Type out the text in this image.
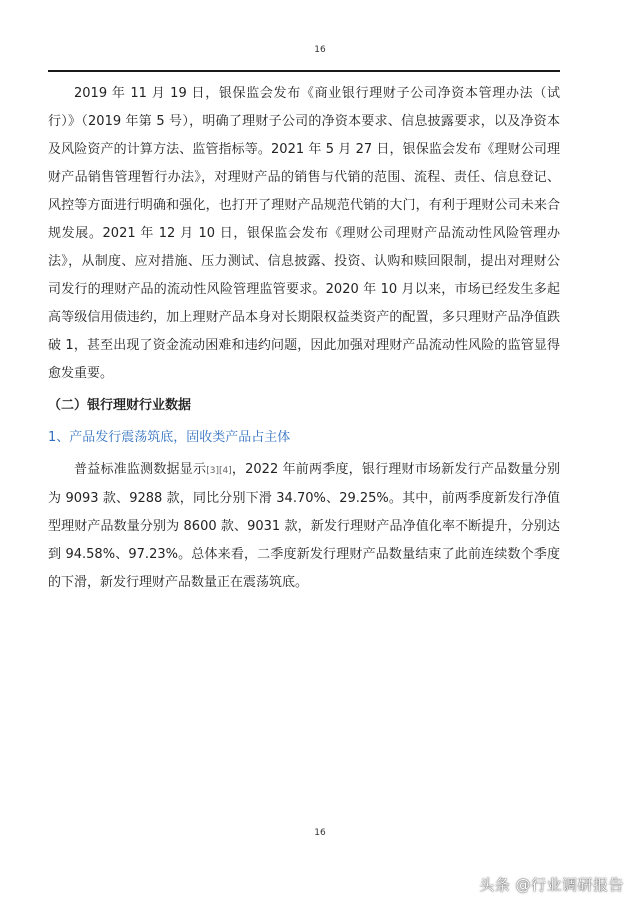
16

2019 年 11 月 19 日，银保监会发布《商业银行理财子公司净资本管理办法（试行）》（2019 年第 5 号），明确了理财子公司的净资本要求、信息披露要求，以及净资本及风险资产的计算方法、监管指标等。2021 年 5 月 27 日，银保监会发布《理财公司理财产品销售管理暂行办法》，对理财产品的销售与代销的范围、流程、责任、信息登记、风控等方面进行明确和强化，也打开了理财产品规范代销的大门，有利于理财公司未来合规发展。2021 年 12 月 10 日，银保监会发布《理财公司理财产品流动性风险管理办法》，从制度、应对措施、压力测试、信息披露、投资、认购和赎回限制，提出对理财公司发行的理财产品的流动性风险管理监管要求。2020 年 10 月以来，市场已经发生多起高等级信用债违约，加上理财产品本身对长期限权益类资产的配置，多只理财产品净值跌破 1，甚至出现了资金流动困难和违约问题，因此加强对理财产品流动性风险的监管显得愈发重要。

（二）银行理财行业数据
1、产品发行震荡筑底，固收类产品占主体

普益标准监测数据显示[3][4]，2022 年前两季度，银行理财市场新发行产品数量分别为 9093 款、9288 款，同比分别下滑 34.70%、29.25%。其中，前两季度新发行净值型理财产品数量分别为 8600 款、9031 款，新发行理财产品净值化率不断提升，分别达到 94.58%、97.23%。总体来看，二季度新发行理财产品数量结束了此前连续数个季度的下滑，新发行理财产品数量正在震荡筑底。

16
头条 @行业调研报告
